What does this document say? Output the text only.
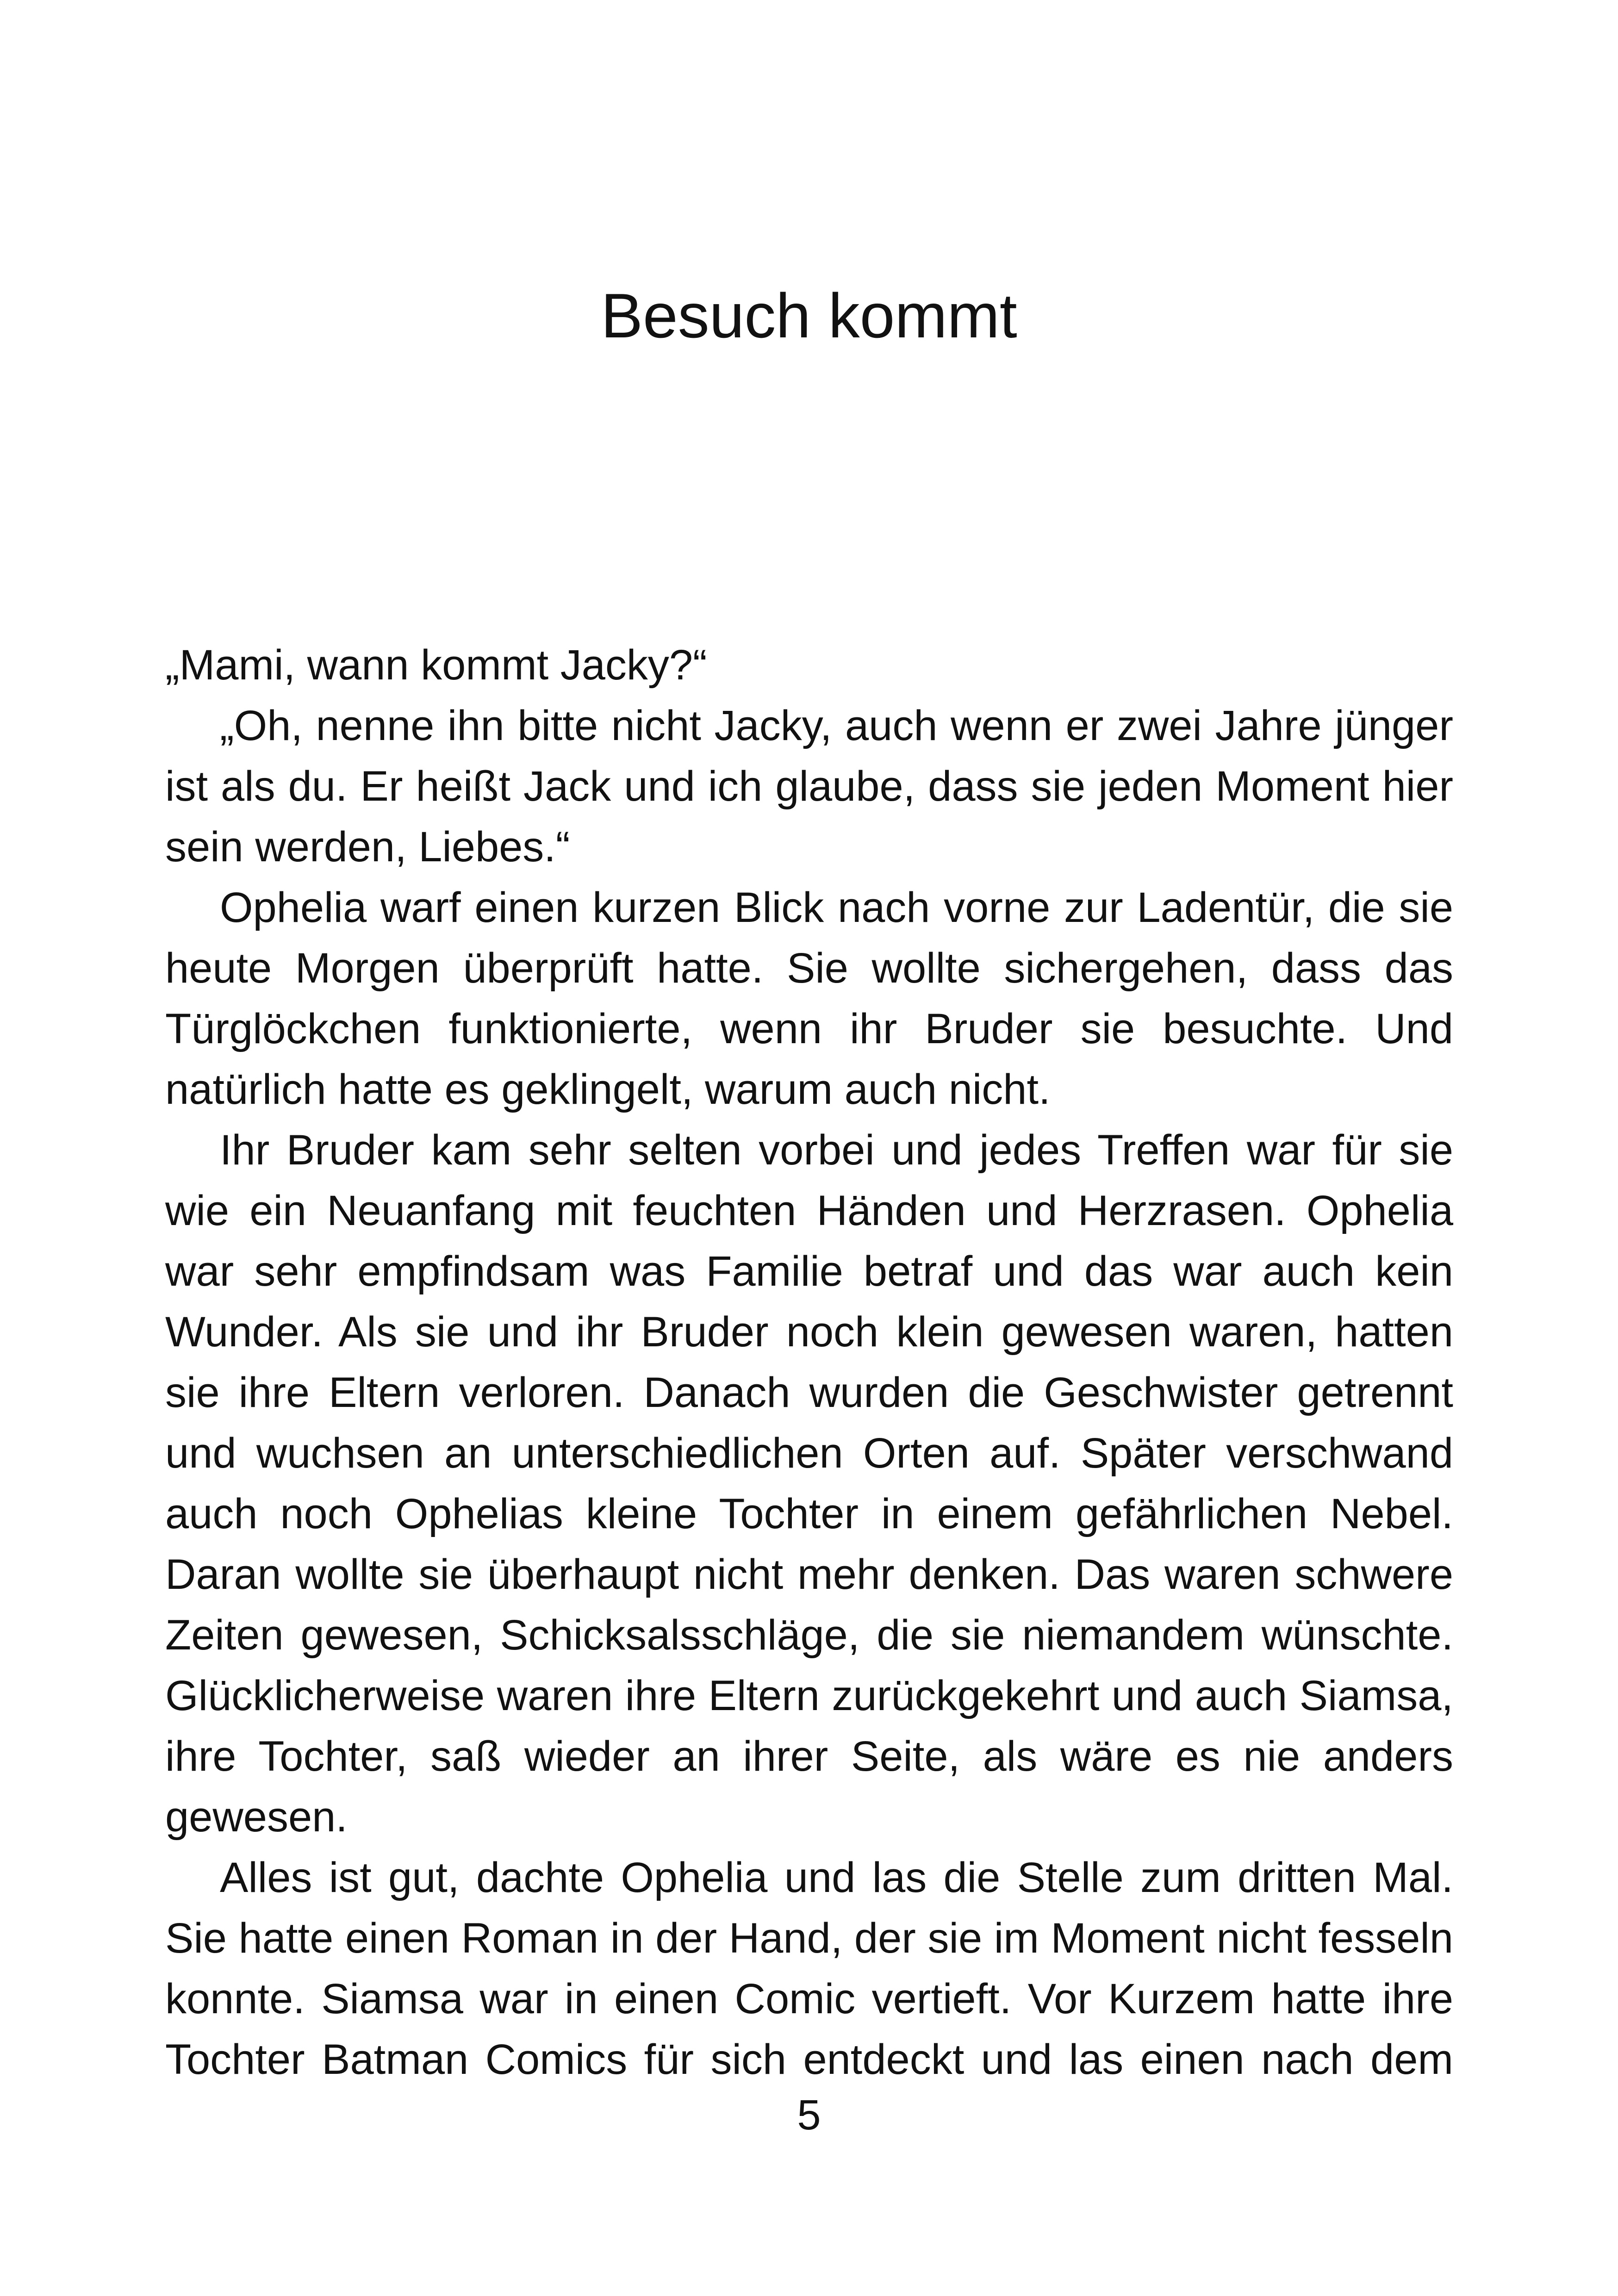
Besuch kommt

„Mami, wann kommt Jacky?“

„Oh, nenne ihn bitte nicht Jacky, auch wenn er zwei Jahre jünger ist als du. Er heißt Jack und ich glaube, dass sie jeden Moment hier sein werden, Liebes.“

Ophelia warf einen kurzen Blick nach vorne zur Ladentür, die sie heute Morgen überprüft hatte. Sie wollte sichergehen, dass das Türglöckchen funktionierte, wenn ihr Bruder sie besuchte. Und natürlich hatte es geklingelt, warum auch nicht.

Ihr Bruder kam sehr selten vorbei und jedes Treffen war für sie wie ein Neuanfang mit feuchten Händen und Herzrasen. Ophelia war sehr empfindsam was Familie betraf und das war auch kein Wunder. Als sie und ihr Bruder noch klein gewesen waren, hatten sie ihre Eltern verloren. Danach wurden die Geschwister getrennt und wuchsen an unterschiedlichen Orten auf. Später verschwand auch noch Ophelias kleine Tochter in einem gefährlichen Nebel. Daran wollte sie überhaupt nicht mehr denken. Das waren schwere Zeiten gewesen, Schicksalsschläge, die sie niemandem wünschte. Glücklicherweise waren ihre Eltern zurückgekehrt und auch Siamsa, ihre Tochter, saß wieder an ihrer Seite, als wäre es nie anders gewesen.

Alles ist gut, dachte Ophelia und las die Stelle zum dritten Mal. Sie hatte einen Roman in der Hand, der sie im Moment nicht fesseln konnte. Siamsa war in einen Comic vertieft. Vor Kurzem hatte ihre Tochter Batman Comics für sich entdeckt und las einen nach dem

5
